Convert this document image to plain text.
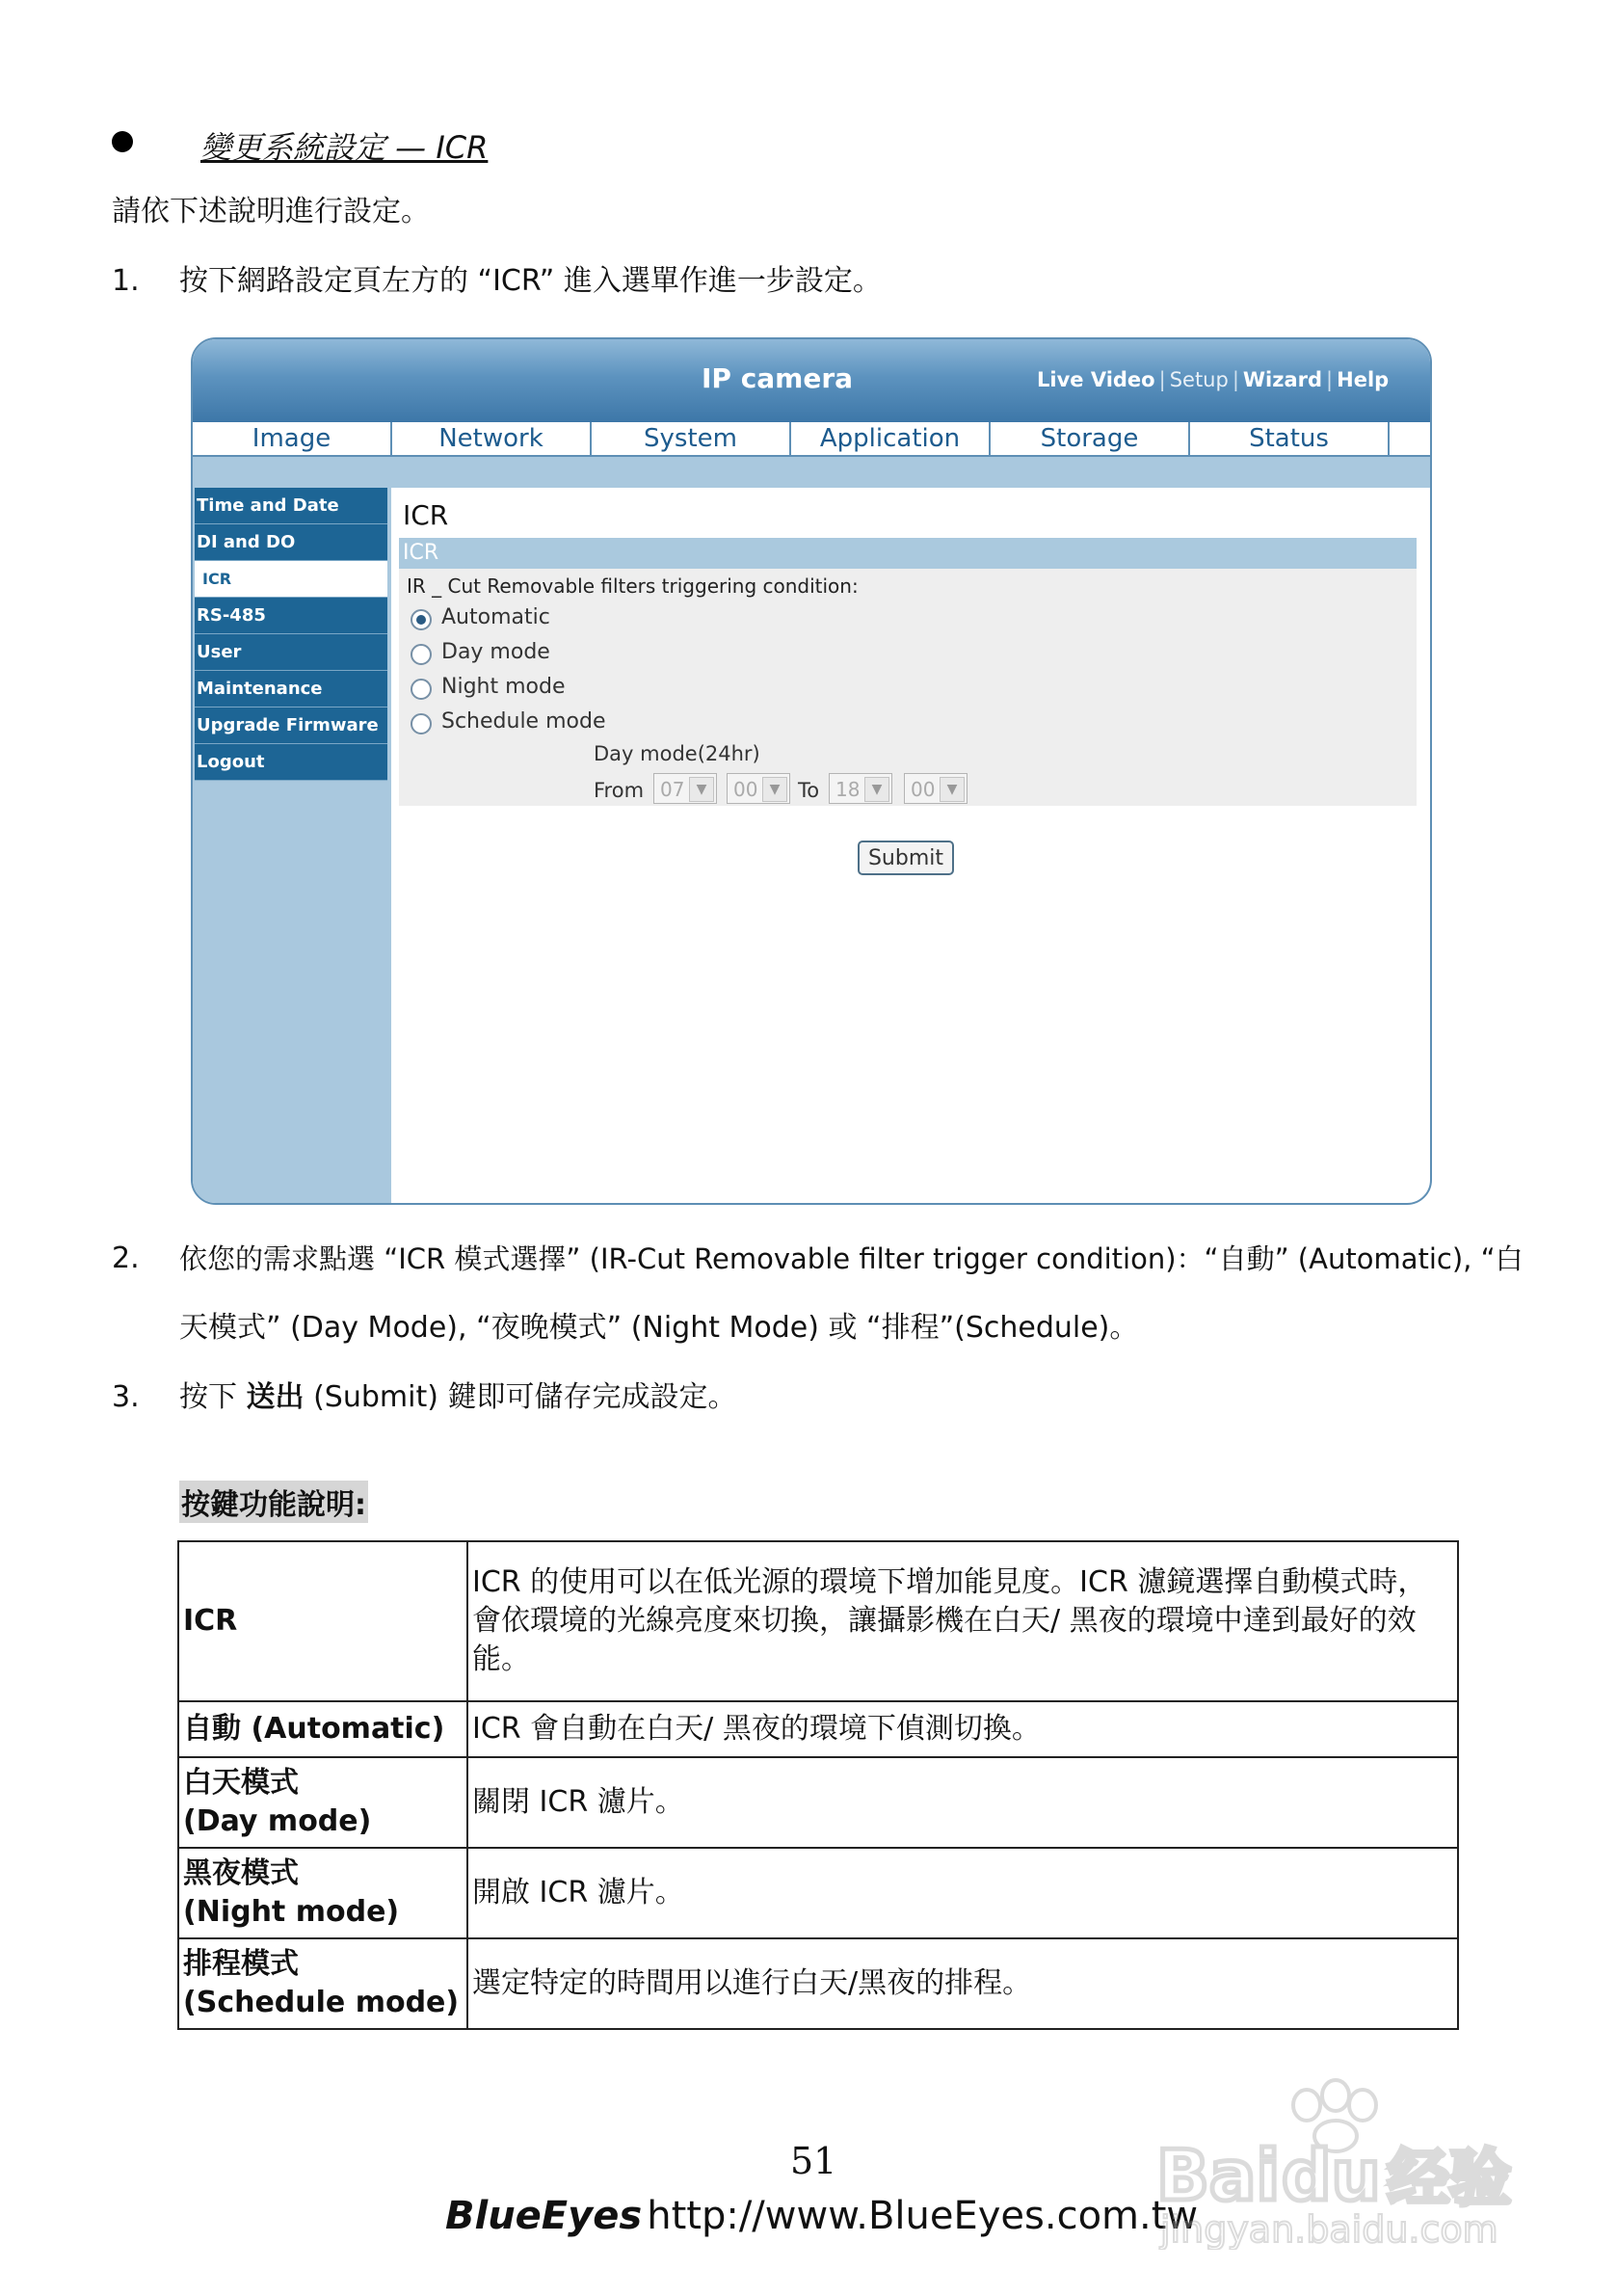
變更系統設定 — ICR
請依下述說明進行設定。
1. 按下網路設定頁左方的 “ICR” 進入選單作進一步設定。
IP camera	Live Video | Setup | Wizard | Help
Image	Network	System	Application	Storage	Status
Time and Date
DI and DO
ICR
RS-485
User
Maintenance
Upgrade Firmware
Logout
ICR
ICR
IR _ Cut Removable filters triggering condition:
Automatic
Day mode
Night mode
Schedule mode
Day mode(24hr)
From 07 ▼	00 ▼ To 18 ▼	00 ▼
Submit
2. 依您的需求點選 “ICR 模式選擇” (IR-Cut Removable filter trigger condition)：“自動” (Automatic), “白
天模式” (Day Mode), “夜晚模式” (Night Mode) 或 “排程”(Schedule)。
3. 按下 送出 (Submit) 鍵即可儲存完成設定。
按鍵功能說明:
ICR	ICR 的使用可以在低光源的環境下增加能見度。ICR 濾鏡選擇自動模式時，會依環境的光線亮度來切換，讓攝影機在白天/ 黑夜的環境中達到最好的效能。
自動 (Automatic)	ICR 會自動在白天/ 黑夜的環境下偵測切換。

白天模式
(Day mode)	關閉 ICR 濾片。

黑夜模式
(Night mode)	開啟 ICR 濾片。

排程模式
(Schedule mode)	選定特定的時間用以進行白天/黑夜的排程。
51
BlueEyes http://www.BlueEyes.com.tw
Bai du 经验
jingyan.baidu.com
